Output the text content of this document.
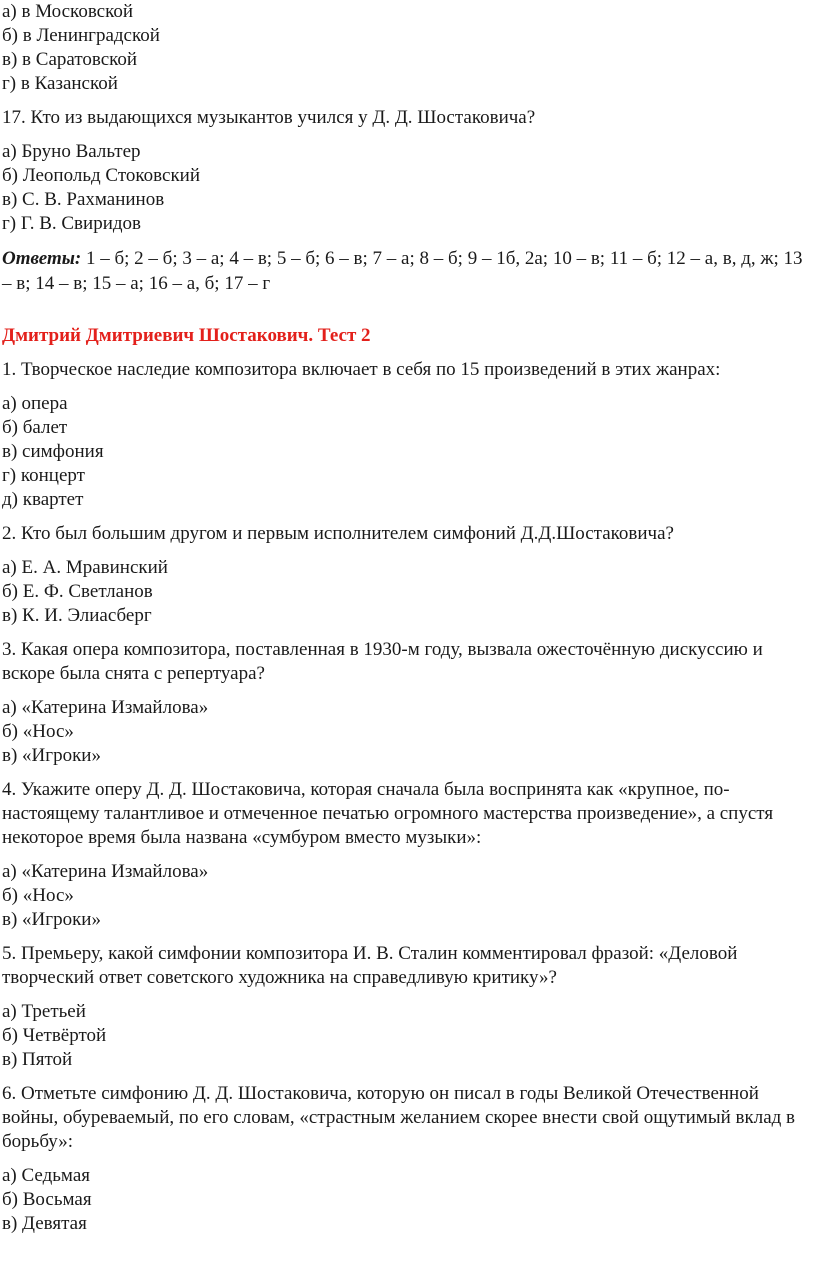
а) в Московской
б) в Ленинградской
в) в Саратовской
г) в Казанской
17. Кто из выдающихся музыкантов учился у Д. Д. Шостаковича?
а) Бруно Вальтер
б) Леопольд Стоковский
в) С. В. Рахманинов
г) Г. В. Свиридов
Ответы: 1 – б; 2 – б; 3 – а; 4 – в; 5 – б; 6 – в; 7 – а; 8 – б; 9 – 1б, 2а; 10 – в; 11 – б; 12 – а, в, д, ж; 13 – в; 14 – в; 15 – а; 16 – а, б; 17 – г
Дмитрий Дмитриевич Шостакович. Тест 2
1. Творческое наследие композитора включает в себя по 15 произведений в этих жанрах:
а) опера
б) балет
в) симфония
г) концерт
д) квартет
2. Кто был большим другом и первым исполнителем симфоний Д.Д.Шостаковича?
а) Е. А. Мравинский
б) Е. Ф. Светланов
в) К. И. Элиасберг
3. Какая опера композитора, поставленная в 1930-м году, вызвала ожесточённую дискуссию и вскоре была снята с репертуара?
а) «Катерина Измайлова»
б) «Нос»
в) «Игроки»
4. Укажите оперу Д. Д. Шостаковича, которая сначала была воспринята как «крупное, по-настоящему талантливое и отмеченное печатью огромного мастерства произведение», а спустя некоторое время была названа «сумбуром вместо музыки»:
а) «Катерина Измайлова»
б) «Нос»
в) «Игроки»
5. Премьеру, какой симфонии композитора И. В. Сталин комментировал фразой: «Деловой творческий ответ советского художника на справедливую критику»?
а) Третьей
б) Четвёртой
в) Пятой
6. Отметьте симфонию Д. Д. Шостаковича, которую он писал в годы Великой Отечественной войны, обуреваемый, по его словам, «страстным желанием скорее внести свой ощутимый вклад в борьбу»:
а) Седьмая
б) Восьмая
в) Девятая
